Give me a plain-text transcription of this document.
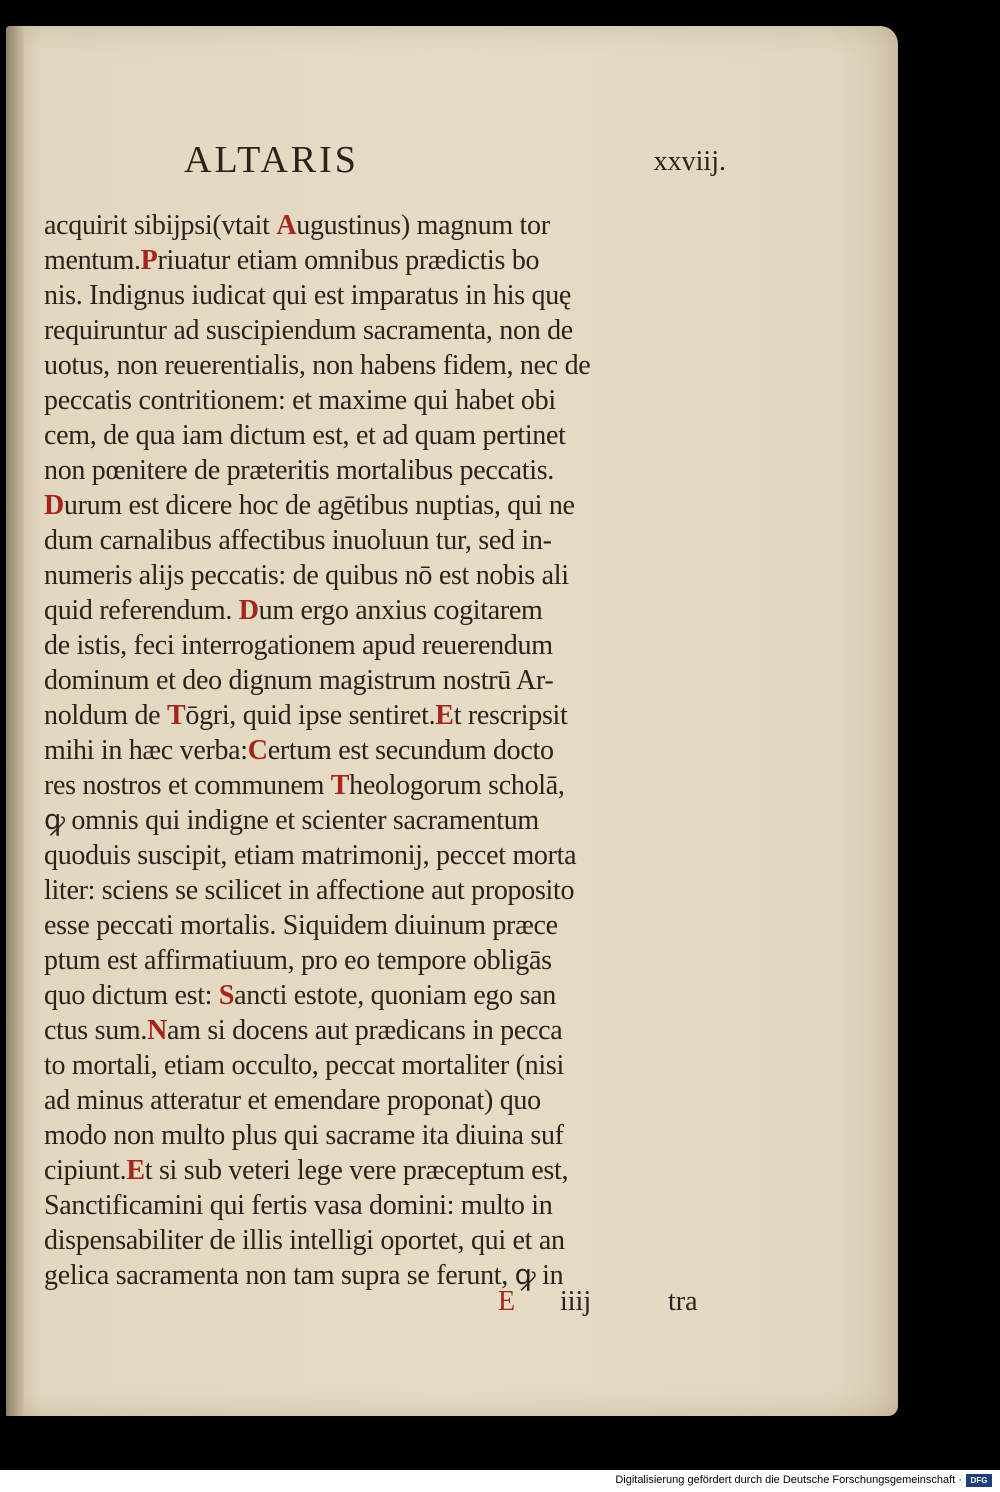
ALTARIS	xxviij.
acquirit sibijpsi(vtait Augustinus) magnum tor
mentum.Priuatur etiam omnibus prædictis bo
nis. Indignus iudicat qui est imparatus in his quę
requiruntur ad suscipiendum sacramenta, non de
uotus, non reuerentialis, non habens fidem, nec de
peccatis contritionem: et maxime qui habet obi
cem, de qua iam dictum est, et ad quam pertinet
non pœnitere de præteritis mortalibus peccatis.
Durum est dicere hoc de agētibus nuptias, qui ne
dum carnalibus affectibus inuoluun tur, sed in-
numeris alijs peccatis: de quibus nō est nobis ali
quid referendum. Dum ergo anxius cogitarem
de istis, feci interrogationem apud reuerendum
dominum et deo dignum magistrum nostrū Ar-
noldum de Tōgri, quid ipse sentiret.Et rescripsit
mihi in hæc verba:Certum est secundum docto
res nostros et communem Theologorum scholā,
ꝙ omnis qui indigne et scienter sacramentum
quoduis suscipit, etiam matrimonij, peccet morta
liter: sciens se scilicet in affectione aut proposito
esse peccati mortalis. Siquidem diuinum præce
ptum est affirmatiuum, pro eo tempore obligās
quo dictum est: Sancti estote, quoniam ego san
ctus sum.Nam si docens aut prædicans in pecca
to mortali, etiam occulto, peccat mortaliter (nisi
ad minus atteratur et emendare proponat) quo
modo non multo plus qui sacrame ita diuina suf
cipiunt.Et si sub veteri lege vere præceptum est,
Sanctificamini qui fertis vasa domini: multo in
dispensabiliter de illis intelligi oportet, qui et an
gelica sacramenta non tam supra se ferunt, ꝙ in
E iiij	tra
Digitalisierung gefördert durch die Deutsche Forschungsgemeinschaft ·	DFG
